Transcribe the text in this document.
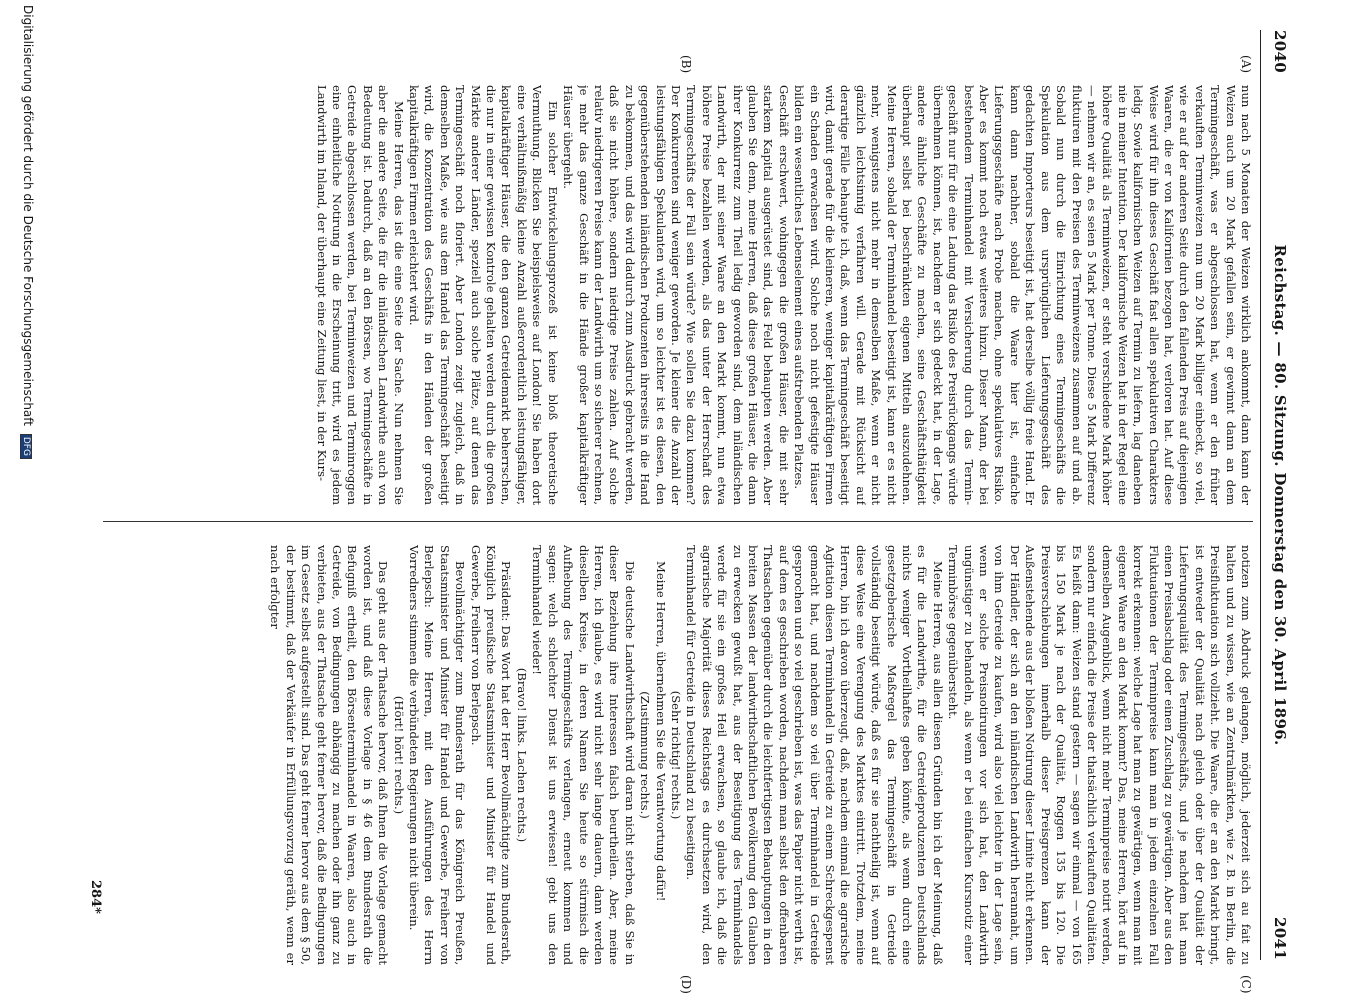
2040
Reichstag. — 80. Sitzung. Donnerstag den 30. April 1896.
2041
(A)
(B)
(C)
(D)

nun nach 5 Monaten der Weizen wirklich ankommt, dann kann der Weizen auch um 20 Mark gefallen sein, er gewinnt dann an dem Termingeschäft, was er abgeschlossen hat, wenn er den früher verkauften Terminweizen nun um 20 Mark billiger einbeckt, so viel, wie er auf der anderen Seite durch den fallenden Preis auf diejenigen Waaren, die er von Kalifornien bezogen hat, verloren hat. Auf diese Weise wird für ihn dieses Geschäft fast allen spekulativen Charakters ledig. Sowie kalifornischen Weizen auf Termin zu liefern, lag daneben nie in meiner Intention. Der kalifornische Weizen hat in der Regel eine höhere Qualität als Terminweizen, er steht verschiedene Mark höher — nehmen wir an, es seien 5 Mark per Tonne. Diese 5 Mark Differenz fluktuiren mit den Preisen des Terminweizens zusammen auf und ab. Sobald nun durch die Einrichtung eines Termingeschäfts die Spekulation aus dem ursprünglichen Lieferungsgeschäft des gedachten Importeurs beseitigt ist, hat derselbe völlig freie Hand. Er kann dann nachher, sobald die Waare hier ist, einfache Lieferungsgeschäfte nach Probe machen, ohne spekulatives Risiko. Aber es kommt noch etwas weiteres hinzu. Dieser Mann, der bei bestehendem Terminhandel mit Versicherung durch das Termingeschäft nur für die eine Ladung das Risiko des Preisrückgangs würde übernehmen können, ist, nachdem er sich gedeckt hat, in der Lage, andere ähnliche Geschäfte zu machen, seine Geschäftsthätigkeit überhaupt selbst bei beschränkten eigenen Mitteln auszudehnen. Meine Herren, sobald der Terminhandel beseitigt ist, kann er es nicht mehr, wenigstens nicht mehr in demselben Maße, wenn er nicht gänzlich leichtsinnig verfahren will. Gerade mit Rücksicht auf derartige Fälle behaupte ich, daß, wenn das Termingeschäft beseitigt wird, damit gerade für die kleineren, weniger kapitalkräftigen Firmen ein Schaden erwachsen wird. Solche noch nicht gefestigte Häuser bilden ein wesentliches Lebenselement eines aufstrebenden Platzes.

Geschäft erschwert, wohingegen die großen Häuser, die mit sehr starkem Kapital ausgerüstet sind, das Feld behaupten werden. Aber glauben Sie denn, meine Herren, daß diese großen Häuser, die dann ihrer Konkurrenz zum Theil ledig geworden sind, dem inländischen Landwirth, der mit seiner Waare an den Markt kommt, nun etwa höhere Preise bezahlen werden, als das unter der Herrschaft des Termingeschäfts der Fall sein würde? Wie sollen Sie dazu kommen? Der Konkurrenten sind weniger geworden. Je kleiner die Anzahl der leistungsfähigen Spekulanten wird, um so leichter ist es diesen, den gegenüberstehenden inländischen Produzenten ihrerseits in die Hand zu bekommen, und das wird dadurch zum Ausdruck gebracht werden, daß sie nicht höhere, sondern niedrige Preise zahlen. Auf solche relativ niedrigeren Preise kann der Landwirth um so sicherer rechnen, je mehr das ganze Geschäft in die Hände großer kapitalkräftiger Häuser übergeht.

Ein solcher Entwickelungsprozeß ist keine bloß theoretische Vermuthung. Blicken Sie beispielsweise auf London! Sie haben dort eine verhältnißmäßig kleine Anzahl außerordentlich leistungsfähiger, kapitalkräftiger Häuser, die den ganzen Getreidemarkt beherrschen, die nur in einer gewissen Kontrole gehalten werden durch die großen Märkte anderer Länder, speziell auch solche Plätze, auf denen das Termingeschäft noch floriert. Aber London zeigt zugleich, daß in demselben Maße, wie aus dem Handel das Termingeschäft beseitigt wird, die Konzentration des Geschäfts in den Händen der großen kapitalkräftigen Firmen erleichtert wird.

Meine Herren, das ist die eine Seite der Sache. Nun nehmen Sie aber die andere Seite, die für die inländischen Landwirthe auch von Bedeutung ist. Dadurch, daß an den Börsen, wo Termingeschäfte in Getreide abgeschlossen werden, bei Terminweizen und Terminroggen eine einheitliche Notirung in die Erscheinung tritt, wird es jedem Landwirth im Inland, der überhaupt eine Zeitung liest, in der Kurs-

notizen zum Abdruck gelangen, möglich, jederzeit sich au fait zu halten und zu wissen, wie an Zentralmärkten, wie z. B. in Berlin, die Preisfluktuation sich vollzieht. Die Waare, die er an den Markt bringt, ist entweder der Qualität nach gleich oder über der Qualität der Lieferungsqualität des Termingeschäfts, und je nachdem hat man einen Preisabschlag oder einen Zuschlag zu gewärtigen. Aber aus den Fluktuationen der Terminpreise kann man in jedem einzelnen Fall korrekt erkennen: welche Lage hat man zu gewärtigen, wenn man mit eigener Waare an den Markt kommt? Das, meine Herren, hört auf in demselben Augenblick, wenn nicht mehr Terminpreise notirt werden, sondern nur einfach die Preise der thatsächlich verkauften Qualitäten. Es heißt dann: Weizen stand gestern — sagen wir einmal — von 165 bis 150 Mark je nach der Qualität, Roggen 135 bis 120. Die Preisverschiebungen innerhalb dieser Preisgrenzen kann der Außenstehende aus der bloßen Notirung dieser Limite nicht erkennen. Der Händler, der sich an den inländischen Landwirth herannaht, um von ihm Getreide zu kaufen, wird also viel leichter in der Lage sein, wenn er solche Preisnotirungen vor sich hat, den Landwirth ungünstiger zu behandeln, als wenn er bei einfachen Kursnotiz einer Terminbörse gegenübersteht.

Meine Herren, aus allen diesen Gründen bin ich der Meinung, daß es für die Landwirthe, für die Getreideproduzenten Deutschlands nichts weniger Vortheilhaftes geben könnte, als wenn durch eine gesetzgeberische Maßregel das Termingeschäft in Getreide vollständig beseitigt würde, daß es für sie nachtheilig ist, wenn auf diese Weise eine Verengung des Marktes eintritt. Trotzdem, meine Herren, bin ich davon überzeugt, daß, nachdem einmal die agrarische Agitation diesen Terminhandel in Getreide zu einem Schreckgespenst gemacht hat, und nachdem so viel über Terminhandel in Getreide gesprochen und so viel geschrieben ist, was das Papier nicht werth ist, auf dem es geschrieben worden, nachdem man selbst den offenbaren Thatsachen gegenüber durch die leichtfertigsten Behauptungen in den breiten Massen der landwirthschaftlichen Bevölkerung den Glauben zu erwecken gewußt hat, aus der Beseitigung des Terminhandels werde für sie ein großes Heil erwachsen, so glaube ich, daß die agrarische Majorität dieses Reichstags es durchsetzen wird, den Terminhandel für Getreide in Deutschland zu beseitigen.

(Sehr richtig! rechts.)

Meine Herren, übernehmen Sie die Verantwortung dafür!

(Zustimmung rechts.)

Die deutsche Landwirthschaft wird daran nicht sterben, daß Sie in dieser Beziehung ihre Interessen falsch beurtheilen. Aber, meine Herren, ich glaube, es wird nicht sehr lange dauern, dann werden dieselben Kreise, in deren Namen Sie heute so stürmisch die Aufhebung des Termingeschäfts verlangen, erneut kommen und sagen: welch schlechter Dienst ist uns erwiesen! gebt uns den Terminhandel wieder!

(Bravo! links. Lachen rechts.)

Präsident: Das Wort hat der Herr Bevollmächtigte zum Bundesrath, Königlich preußische Staatsminister und Minister für Handel und Gewerbe, Freiherr von Berlepsch.

Bevollmächtigter zum Bundesrath für das Königreich Preußen, Staatsminister und Minister für Handel und Gewerbe, Freiherr von Berlepsch: Meine Herren, mit den Ausführungen des Herrn Vorredners stimmen die verbündeten Regierungen nicht überein.

(Hört! hört! rechts.)

Das geht aus der Thatsache hervor, daß Ihnen die Vorlage gemacht worden ist, und daß diese Vorlage in § 46 dem Bundesrath die Befugniß ertheilt, den Börsenterminhandel in Waaren, also auch in Getreide, von Bedingungen abhängig zu machen oder ihn ganz zu verbieten, aus der Thatsache geht ferner hervor, daß die Bedingungen im Gesetz selbst aufgestellt sind. Das geht ferner hervor aus dem § 50, der bestimmt, daß der Verkäufer in Erfüllungsvorzug geräth, wenn er nach erfolgter

284*
Digitalisierung gefördert durch die Deutsche Forschungsgemeinschaft DFG
